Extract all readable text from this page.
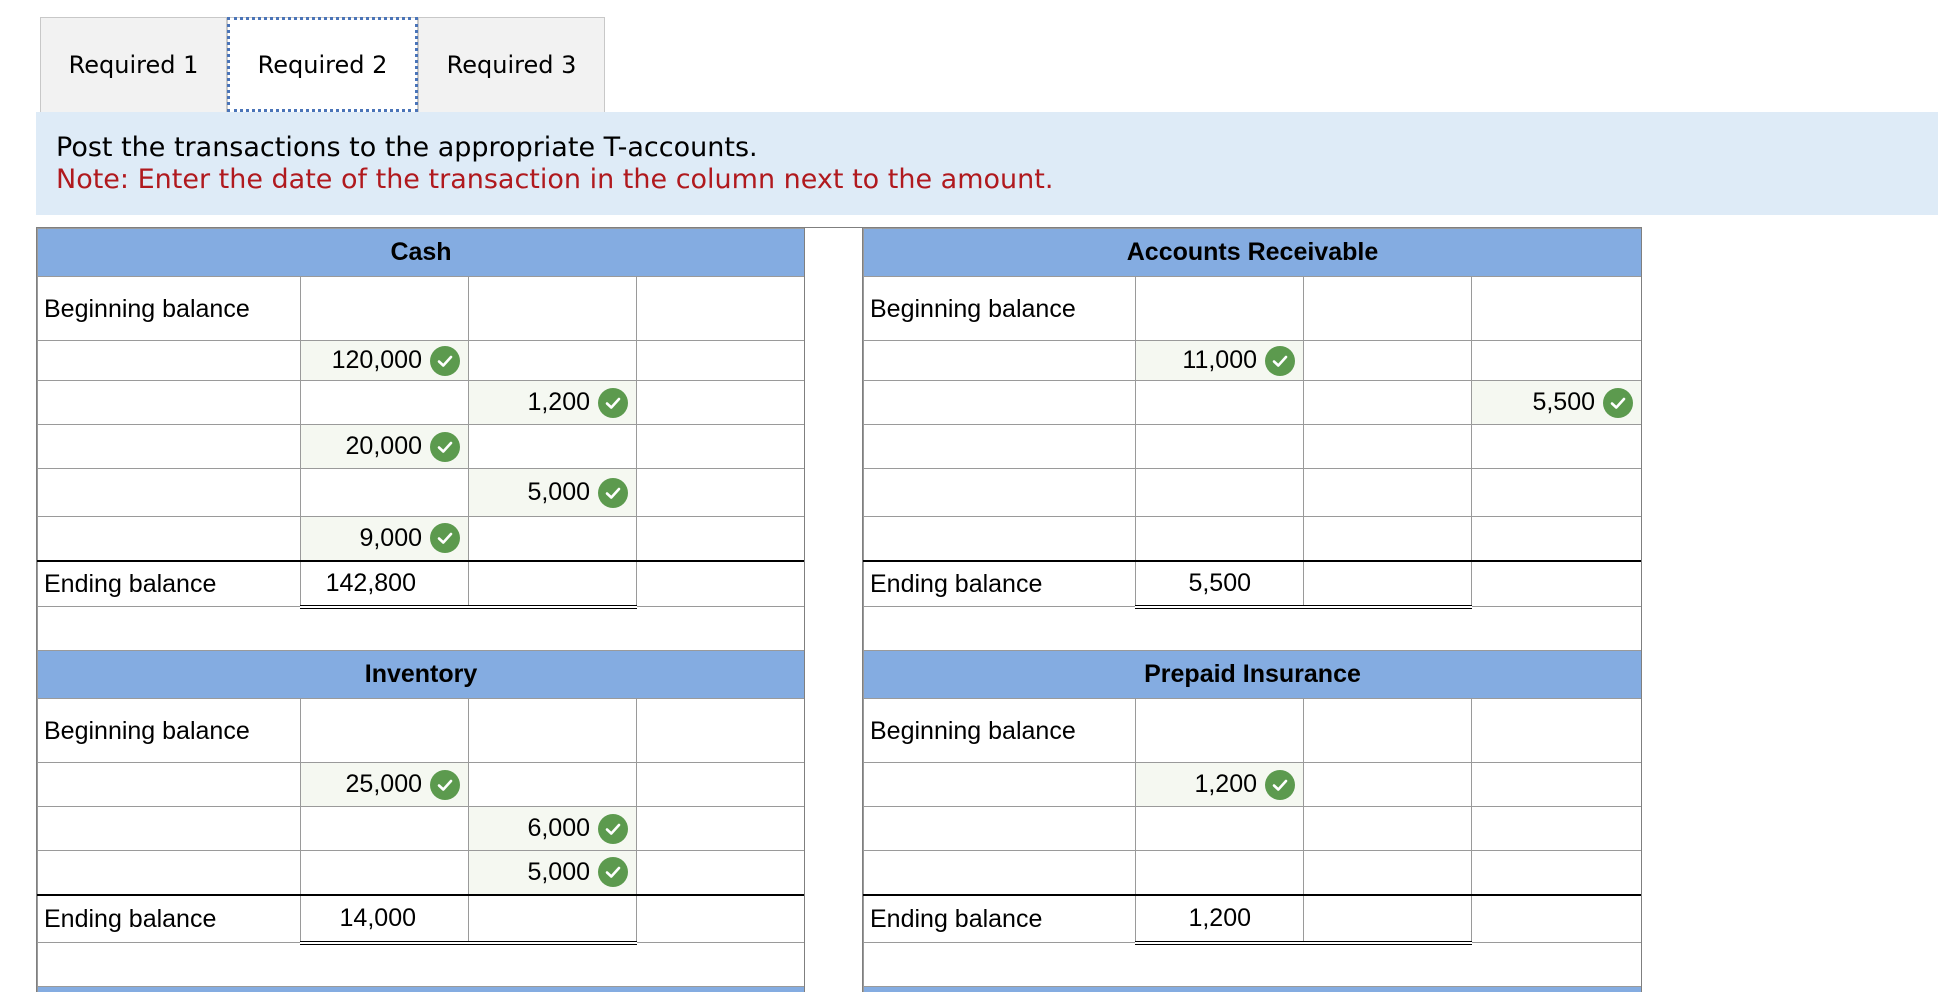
Required 1	Required 2	Required 3
Post the transactions to the appropriate T-accounts.
Note: Enter the date of the transaction in the column next to the amount.
Cash			
Beginning balance			

	120,000		

		1,200	

	20,000		

		5,000	

	9,000		

Ending balance	142,800		

Inventory			
Beginning balance			

	25,000		

		6,000	

		5,000	

Ending balance	14,000		

Accounts Receivable			
Beginning balance			

	11,000		

			5,500

Ending balance	5,500		

Prepaid Insurance			
Beginning balance			

	1,200		

Ending balance	1,200		
